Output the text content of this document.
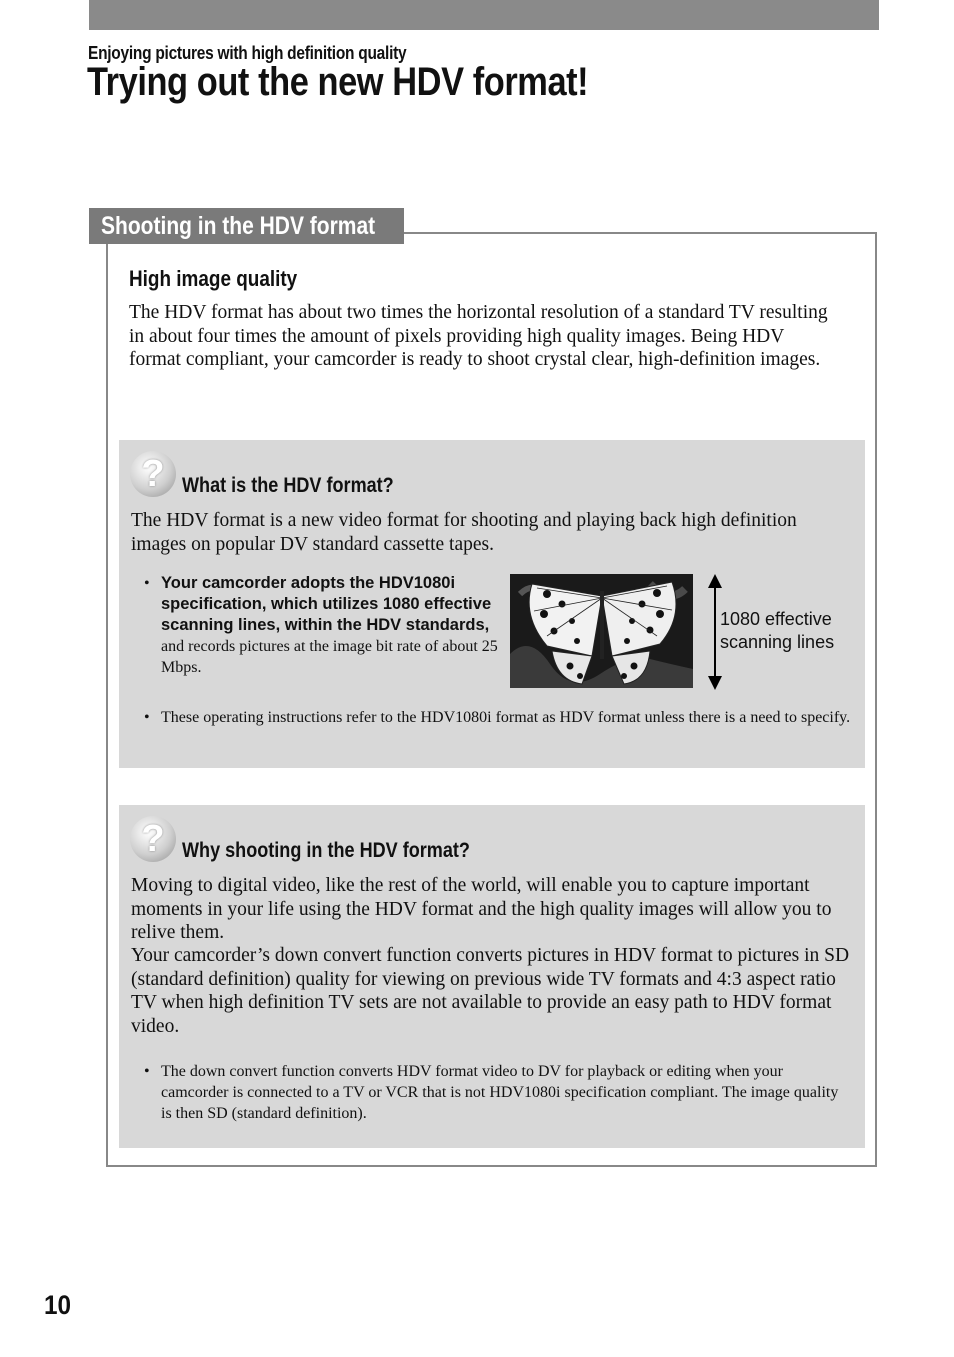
Enjoying pictures with high definition quality
Trying out the new HDV format!
Shooting in the HDV format
High image quality

The HDV format has about two times the horizontal resolution of a standard TV resulting in about four times the amount of pixels providing high quality images. Being HDV format compliant, your camcorder is ready to shoot crystal clear, high-definition images.

? What is the HDV format?

The HDV format is a new video format for shooting and playing back high definition images on popular DV standard cassette tapes.

• Your camcorder adopts the HDV1080i specification, which utilizes 1080 effective scanning lines, within the HDV standards, and records pictures at the image bit rate of about 25 Mbps.

1080 effective scanning lines

• These operating instructions refer to the HDV1080i format as HDV format unless there is a need to specify.

? Why shooting in the HDV format?

Moving to digital video, like the rest of the world, will enable you to capture important moments in your life using the HDV format and the high quality images will allow you to relive them.

Your camcorder’s down convert function converts pictures in HDV format to pictures in SD (standard definition) quality for viewing on previous wide TV formats and 4:3 aspect ratio TV when high definition TV sets are not available to provide an easy path to HDV format video.

• The down convert function converts HDV format video to DV for playback or editing when your camcorder is connected to a TV or VCR that is not HDV1080i specification compliant. The image quality is then SD (standard definition).

10
